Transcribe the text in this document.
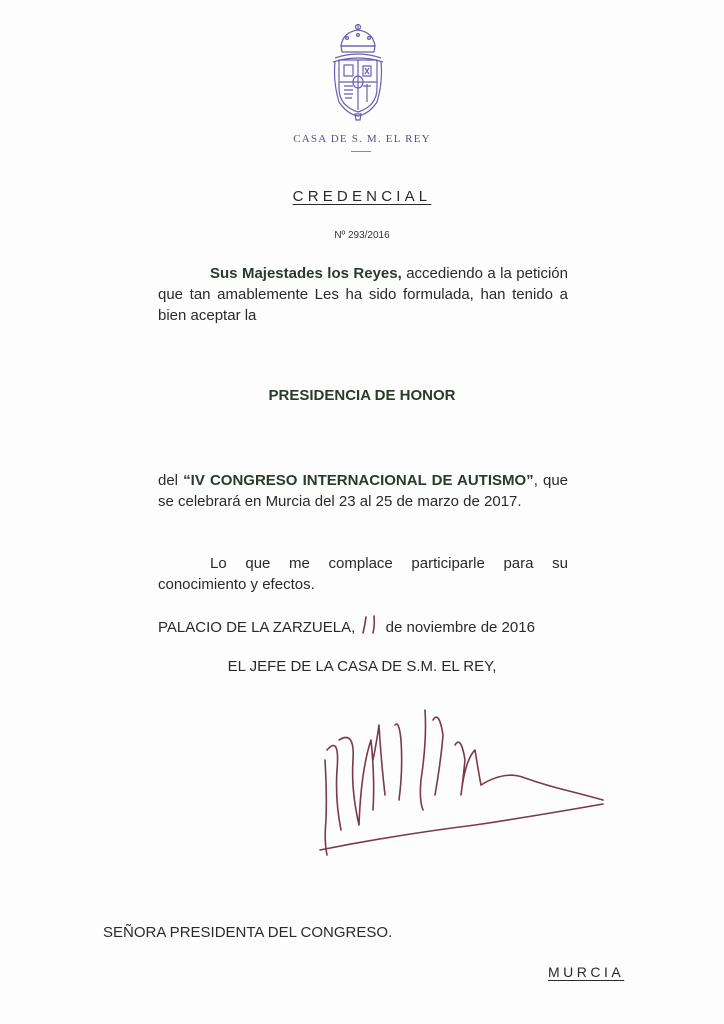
CASA DE S. M. EL REY
CREDENCIAL
Nº 293/2016
Sus Majestades los Reyes, accediendo a la petición que tan amablemente Les ha sido formulada, han tenido a bien aceptar la
PRESIDENCIA DE HONOR
del “IV CONGRESO INTERNACIONAL DE AUTISMO”, que se celebrará en Murcia del 23 al 25 de marzo de 2017.
Lo que me complace participarle para su conocimiento y efectos.
PALACIO DE LA ZARZUELA, de noviembre de 2016
EL JEFE DE LA CASA DE S.M. EL REY,
SEÑORA PRESIDENTA DEL CONGRESO.
MURCIA
